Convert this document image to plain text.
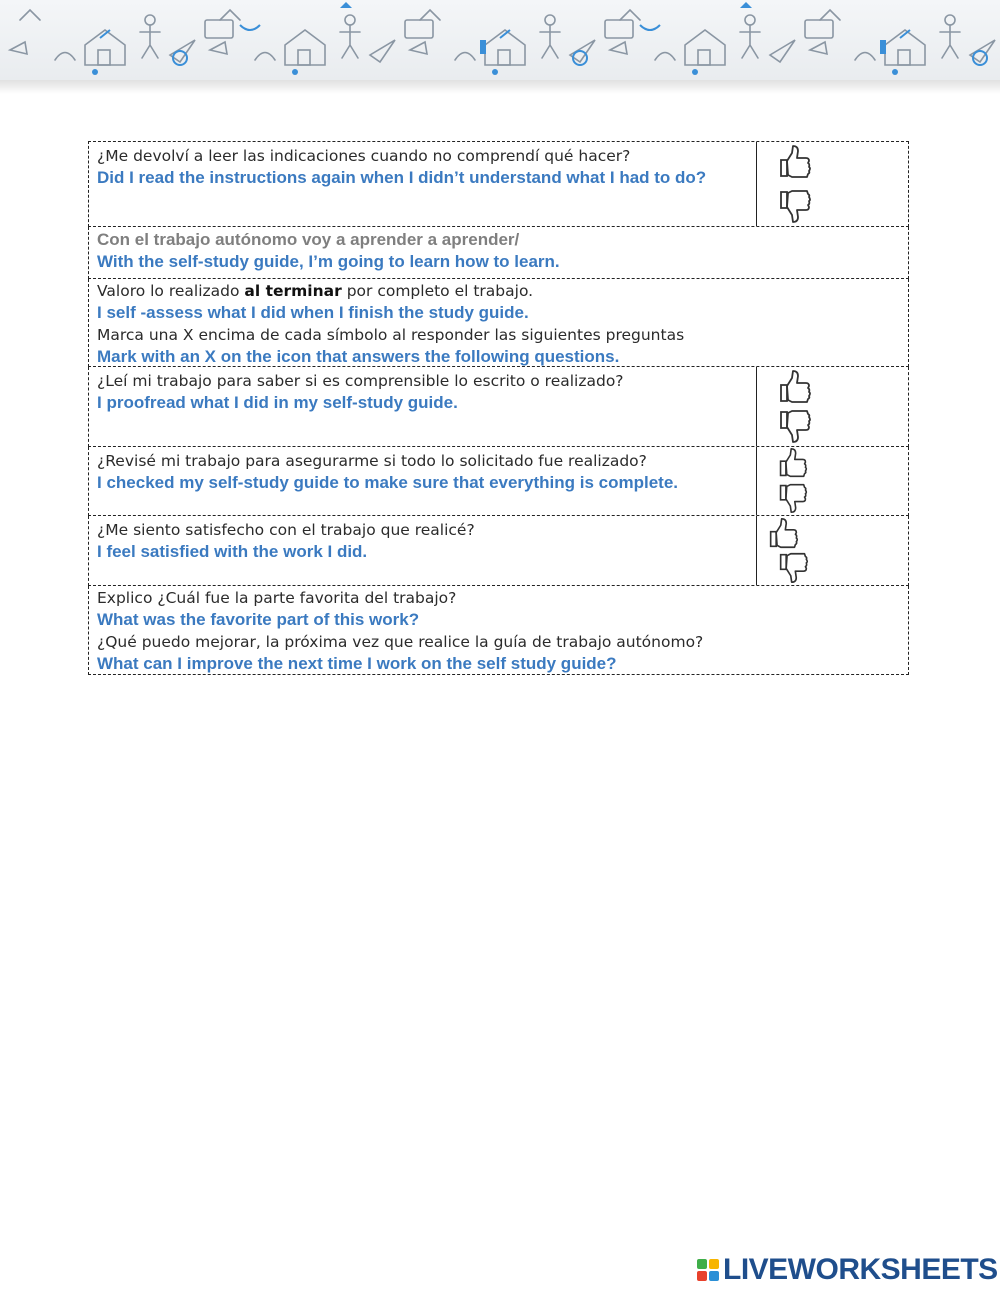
¿Me devolví a leer las indicaciones cuando no comprendí qué hacer?
Did I read the instructions again when I didn’t understand what I had to do?
Con el trabajo autónomo voy a aprender a aprender/
With the self-study guide, I’m going to learn how to learn.
Valoro lo realizado al terminar por completo el trabajo.
I self -assess what I did when I finish the study guide.
Marca una X encima de cada símbolo al responder las siguientes preguntas
Mark with an X on the icon that answers the following questions.
¿Leí mi trabajo para saber si es comprensible lo escrito o realizado?
I proofread what I did in my self-study guide.
¿Revisé mi trabajo para asegurarme si todo lo solicitado fue realizado?
I checked my self-study guide to make sure that everything is complete.
¿Me siento satisfecho con el trabajo que realicé?
I feel satisfied with the work I did.
Explico ¿Cuál fue la parte favorita del trabajo?
What was the favorite part of this work?
¿Qué puedo mejorar, la próxima vez que realice la guía de trabajo autónomo?
What can I improve the next time I work on the self study guide?
LIVEWORKSHEETS
